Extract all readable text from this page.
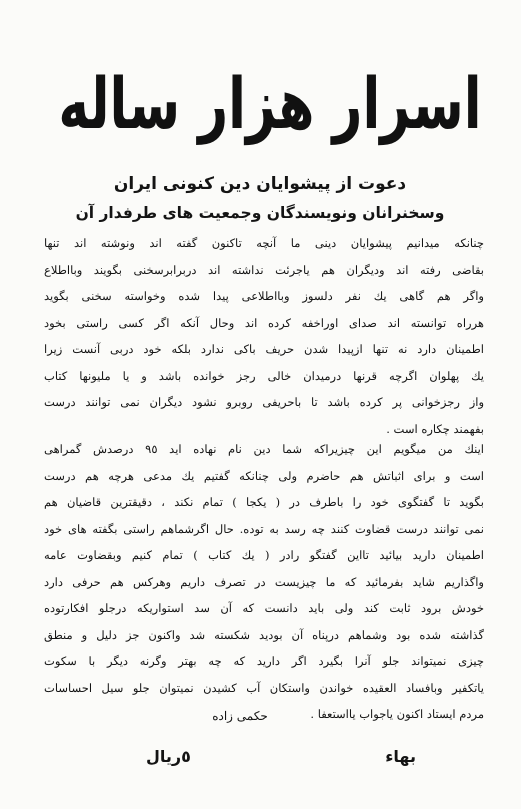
اسرار هزار ساله
دعوت از پیشوایان دین کنونی ایران
وسخنرانان ونویسندگان وجمعیت های طرفدار آن
چنانکه میدانیم پیشوایان دینی ما آنچه تاکنون گفته اند ونوشته اند تنها
بقاضی رفته اند ودیگران هم یاجرئت نداشته اند دربرابرسخنی بگویند وبااطلاع
واگر هم گاهی یك نفر دلسوز وبااطلاعی پیدا شده وخواسته سخنی بگوید
هرراه توانسته اند صدای اوراخفه کرده اند وحال آنکه اگر کسی راستی بخود
اطمینان دارد نه تنها ازپیدا شدن حریف باکی ندارد بلکه خود دربی آنست زیرا
یك پهلوان اگرچه قرنها درمیدان خالی رجز خوانده باشد و یا ملیونها کتاب
واز رجزخوانی پر کرده باشد تا باحریفی روبرو نشود دیگران نمی توانند درست
بفهمند چکاره است .
اینك من میگویم این چیزیراکه شما دین نام نهاده اید ٩٥ درصدش گمراهی
است و برای اثباتش هم حاضرم ولی چنانکه گفتیم یك مدعی هرچه هم درست
بگوید تا گفتگوی خود را باطرف در ( یکجا ) تمام نکند ، دقیقترین قاضیان هم
نمی توانند درست قضاوت کنند چه رسد به توده. حال اگرشماهم راستی بگفته های خود
اطمینان دارید بیائید تااین گفتگو رادر ( یك کتاب ) تمام کنیم وبقضاوت عامه
واگذاریم شاید بفرمائید که ما چیزیست در تصرف داریم وهرکس هم حرفی دارد
خودش برود ثابت کند ولی باید دانست که آن سد استواریکه درجلو افکارتوده
گذاشته شده بود وشماهم درپناه آن بودید شکسته شد واکنون جز دلیل و منطق
چیزی نمیتواند جلو آنرا بگیرد اگر دارید که چه بهتر وگرنه دیگر با سکوت
یاتکفیر وبافساد العقیده خواندن واستکان آب کشیدن نمیتوان جلو سیل احساسات
مردم ایستاد اکنون یاجواب یااستعفا .
حکمی زاده
بهاء
٥ریال
